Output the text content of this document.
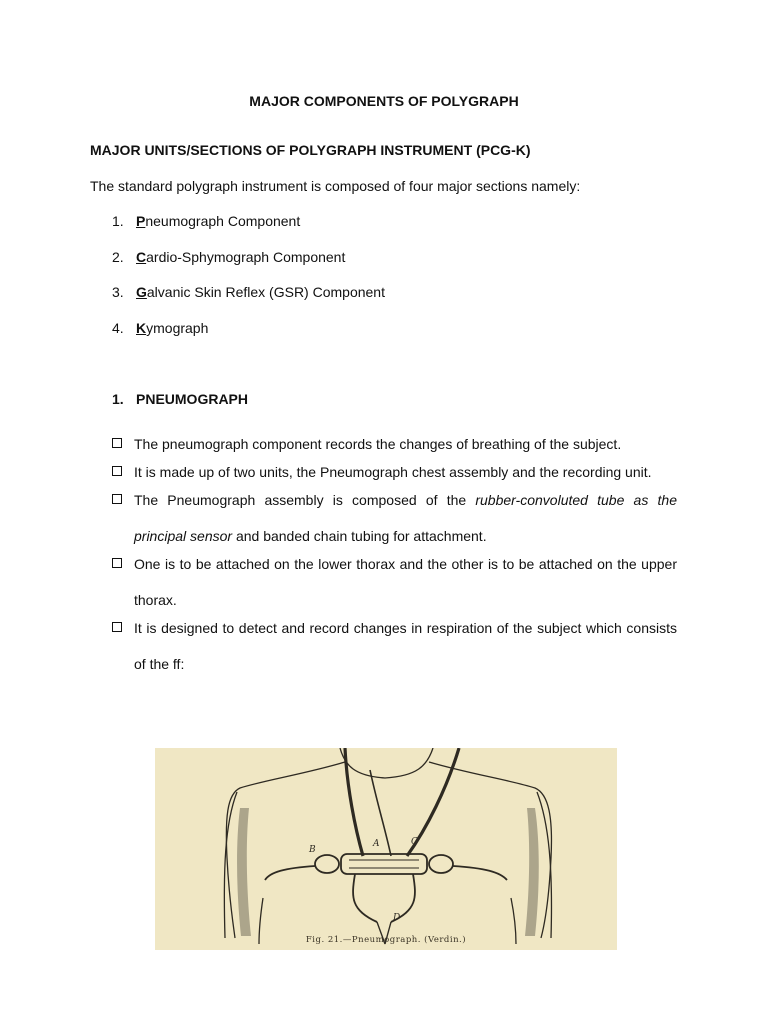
MAJOR COMPONENTS OF POLYGRAPH
MAJOR UNITS/SECTIONS OF POLYGRAPH INSTRUMENT (PCG-K)
The standard polygraph instrument is composed of four major sections namely:
1. P neumograph Component
2. C ardio-Sphymograph Component
3. G alvanic Skin Reflex (GSR) Component
4. K ymograph
1. PNEUMOGRAPH
The pneumograph component records the changes of breathing of the subject.
It is made up of two units, the Pneumograph chest assembly and the recording unit.
The Pneumograph assembly is composed of the rubber-convoluted tube as the principal sensor and banded chain tubing for attachment.
One is to be attached on the lower thorax and the other is to be attached on the upper thorax.
It is designed to detect and record changes in respiration of the subject which consists of the ff:
A
B
C
D
Fig. 21.—Pneumograph. (Verdin.)
